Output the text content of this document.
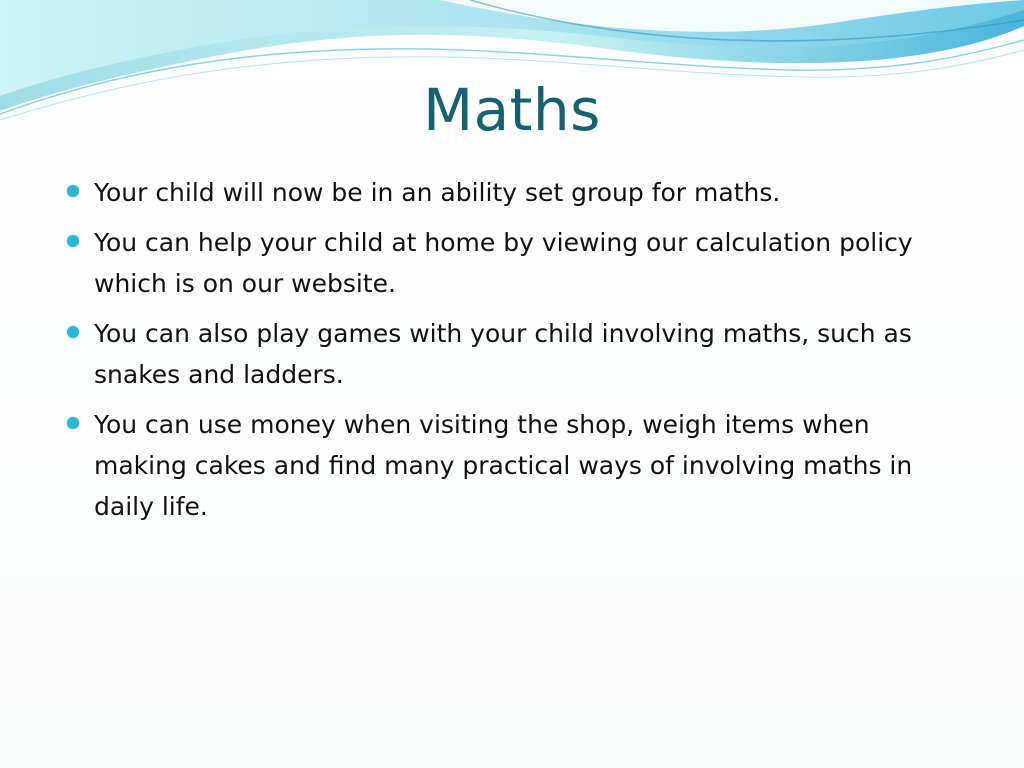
Maths
Your child will now be in an ability set group for maths.
You can help your child at home by viewing our calculation policy which is on our website.
You can also play games with your child involving maths, such as snakes and ladders.
You can use money when visiting the shop, weigh items when making cakes and find many practical ways of involving maths in daily life.
